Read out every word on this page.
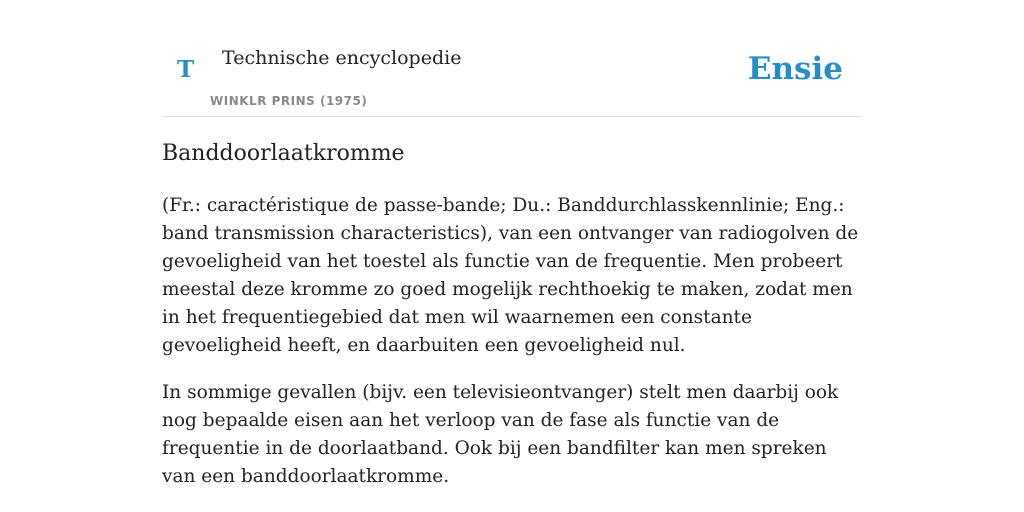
T Technische encyclopedie
WINKLR PRINS (1975)
Ensie
Banddoorlaatkromme

(Fr.: caractéristique de passe-bande; Du.: Banddurchlasskennlinie; Eng.: band transmission characteristics), van een ontvanger van radiogolven de gevoeligheid van het toestel als functie van de frequentie. Men probeert meestal deze kromme zo goed mogelijk rechthoekig te maken, zodat men in het frequentiegebied dat men wil waarnemen een constante gevoeligheid heeft, en daarbuiten een gevoeligheid nul.

In sommige gevallen (bijv. een televisieontvanger) stelt men daarbij ook nog bepaalde eisen aan het verloop van de fase als functie van de frequentie in de doorlaatband. Ook bij een bandfilter kan men spreken van een banddoorlaatkromme.
